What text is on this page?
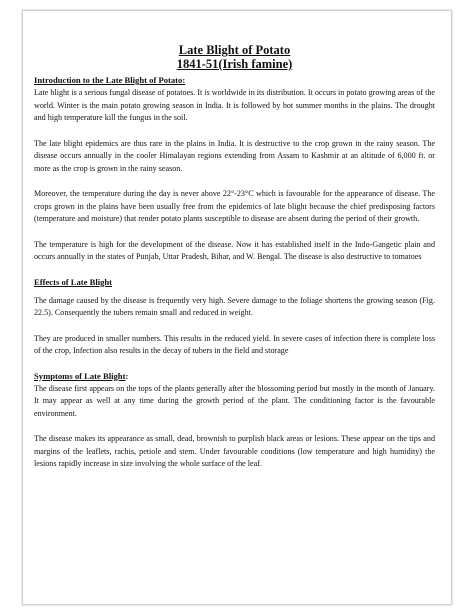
Late Blight of Potato
1841-51(Irish famine)
Introduction to the Late Blight of Potato:

Late blight is a serious fungal disease of potatoes. It is worldwide in its distribution. It occurs in potato growing areas of the world. Winter is the main potato growing season in India. It is followed by hot summer months in the plains. The drought and high temperature kill the fungus in the soil.

The late blight epidemics are thus rare in the plains in India. It is destructive to the crop grown in the rainy season. The disease occurs annually in the cooler Himalayan regions extending from Assam to Kashmir at an altitude of 6,000 ft. or more as the crop is grown in the rainy season.

Moreover, the temperature during the day is never above 22°-23°C which is favourable for the appearance of disease. The crops grown in the plains have been usually free from the epidemics of late blight because the chief predisposing factors (temperature and moisture) that render potato plants susceptible to disease are absent during the period of their growth.

The temperature is high for the development of the disease. Now it has established itself in the Indo-Gangetic plain and occurs annually in the states of Punjab, Uttar Pradesh, Bihar, and W. Bengal. The disease is also destructive to tomatoes

Effects of Late Blight

The damage caused by the disease is frequently very high. Severe damage to the foliage shortens the growing season (Fig. 22.5). Consequently the tubers remain small and reduced in weight.

They are produced in smaller numbers. This results in the reduced yield. In severe cases of infection there is complete loss of the crop, Infection also results in the decay of tubers in the field and storage

Symptoms of Late Blight:

The disease first appears on the tops of the plants generally after the blossoming period but mostly in the month of January. It may appear as well at any time during the growth period of the plant. The conditioning factor is the favourable environment.

The disease makes its appearance as small, dead, brownish to purplish black areas or lesions. These appear on the tips and margins of the leaflets, rachis, petiole and stem. Under favourable conditions (low temperature and high humidity) the lesions rapidly increase in size involving the whole surface of the leaf.
